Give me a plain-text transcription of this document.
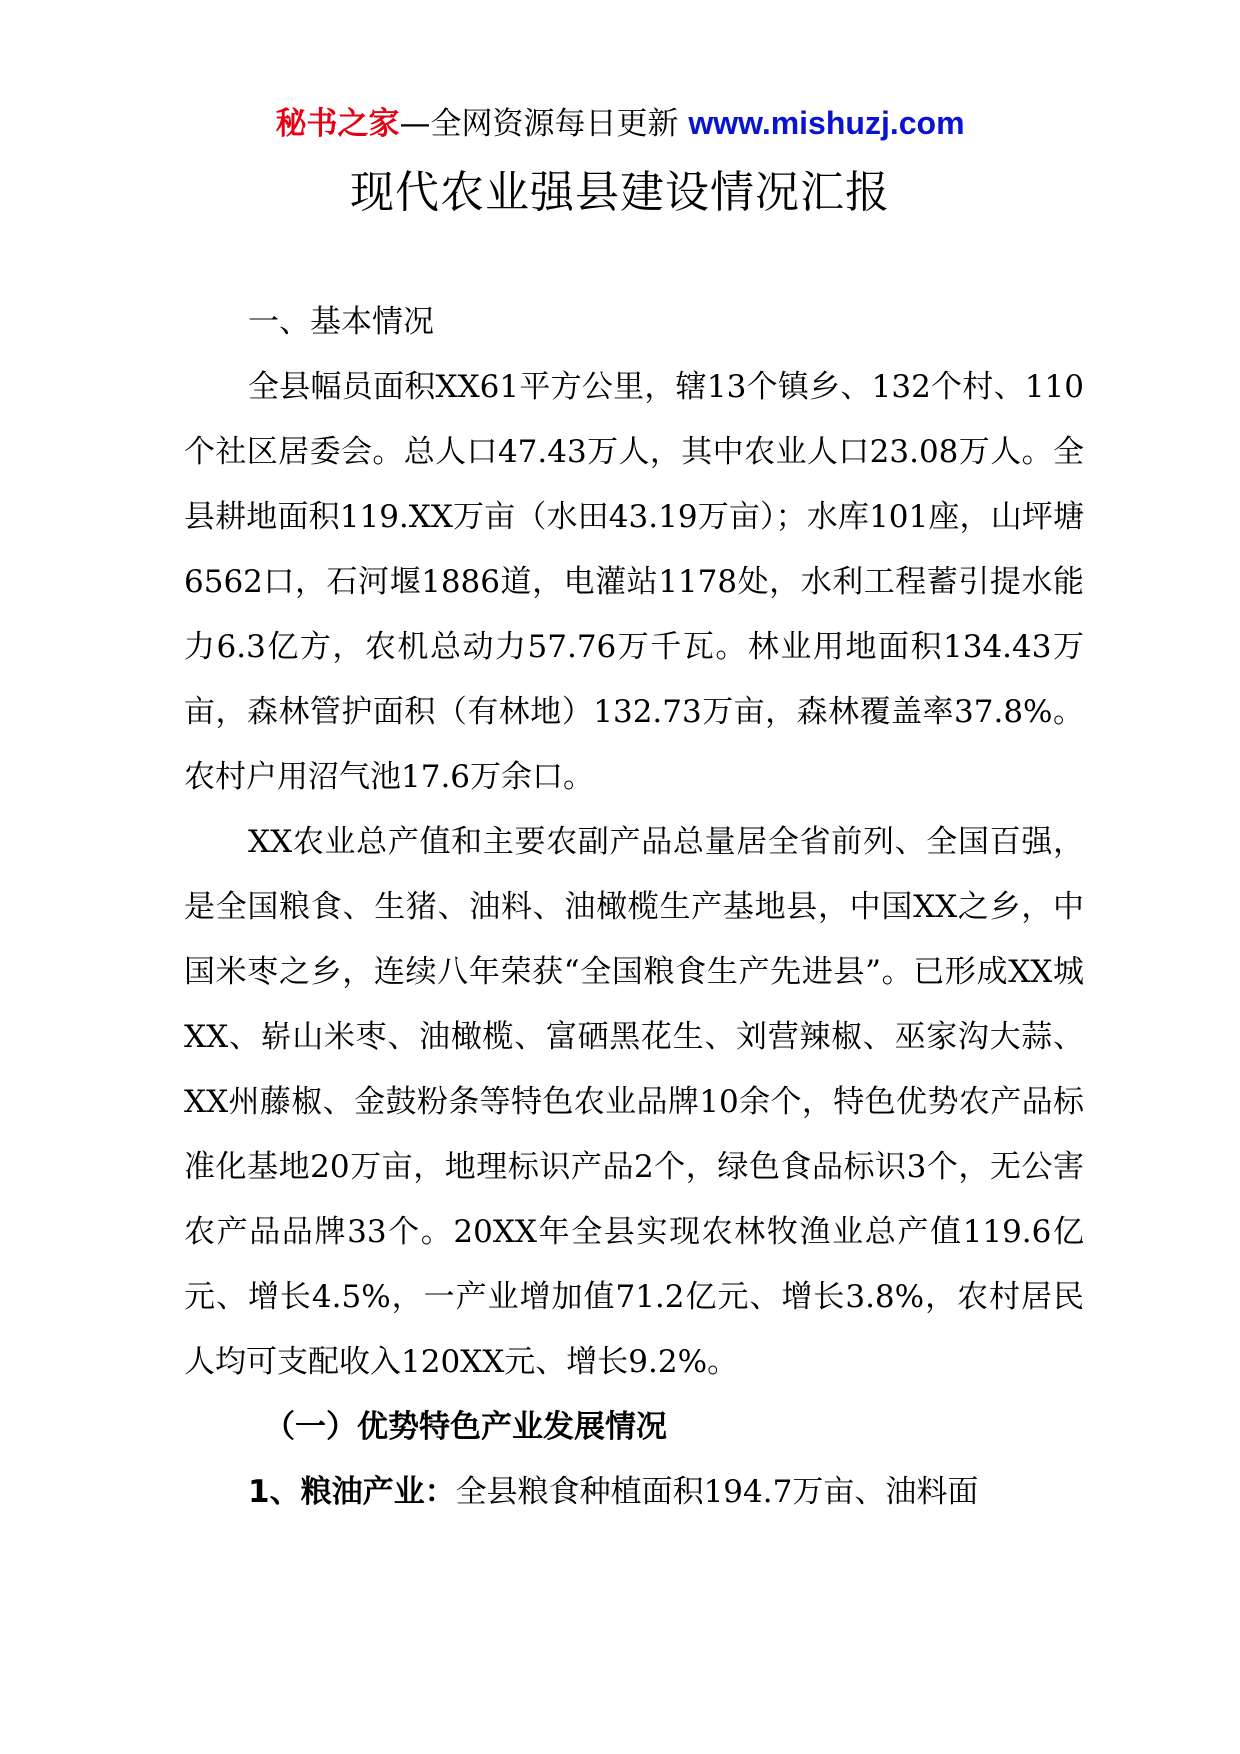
秘书之家—全网资源每日更新 www.mishuzj.com
现代农业强县建设情况汇报
一、基本情况

全县幅员面积XX61平方公里，辖13个镇乡、132个村、110个社区居委会。总人口47.43万人，其中农业人口23.08万人。全县耕地面积119.XX万亩（水田43.19万亩）；水库101座，山坪塘6562口，石河堰1886道，电灌站1178处，水利工程蓄引提水能力6.3亿方，农机总动力57.76万千瓦。林业用地面积134.43万亩，森林管护面积（有林地）132.73万亩，森林覆盖率37.8%。农村户用沼气池17.6万余口。

XX农业总产值和主要农副产品总量居全省前列、全国百强，是全国粮食、生猪、油料、油橄榄生产基地县，中国XX之乡，中国米枣之乡，连续八年荣获“全国粮食生产先进县”。已形成XX城XX、崭山米枣、油橄榄、富硒黑花生、刘营辣椒、巫家沟大蒜、XX州藤椒、金鼓粉条等特色农业品牌10余个，特色优势农产品标准化基地20万亩，地理标识产品2个，绿色食品标识3个，无公害农产品品牌33个。20XX年全县实现农林牧渔业总产值119.6亿元、增长4.5%，一产业增加值71.2亿元、增长3.8%，农村居民人均可支配收入120XX元、增长9.2%。

（一）优势特色产业发展情况

1、粮油产业：全县粮食种植面积194.7万亩、油料面
